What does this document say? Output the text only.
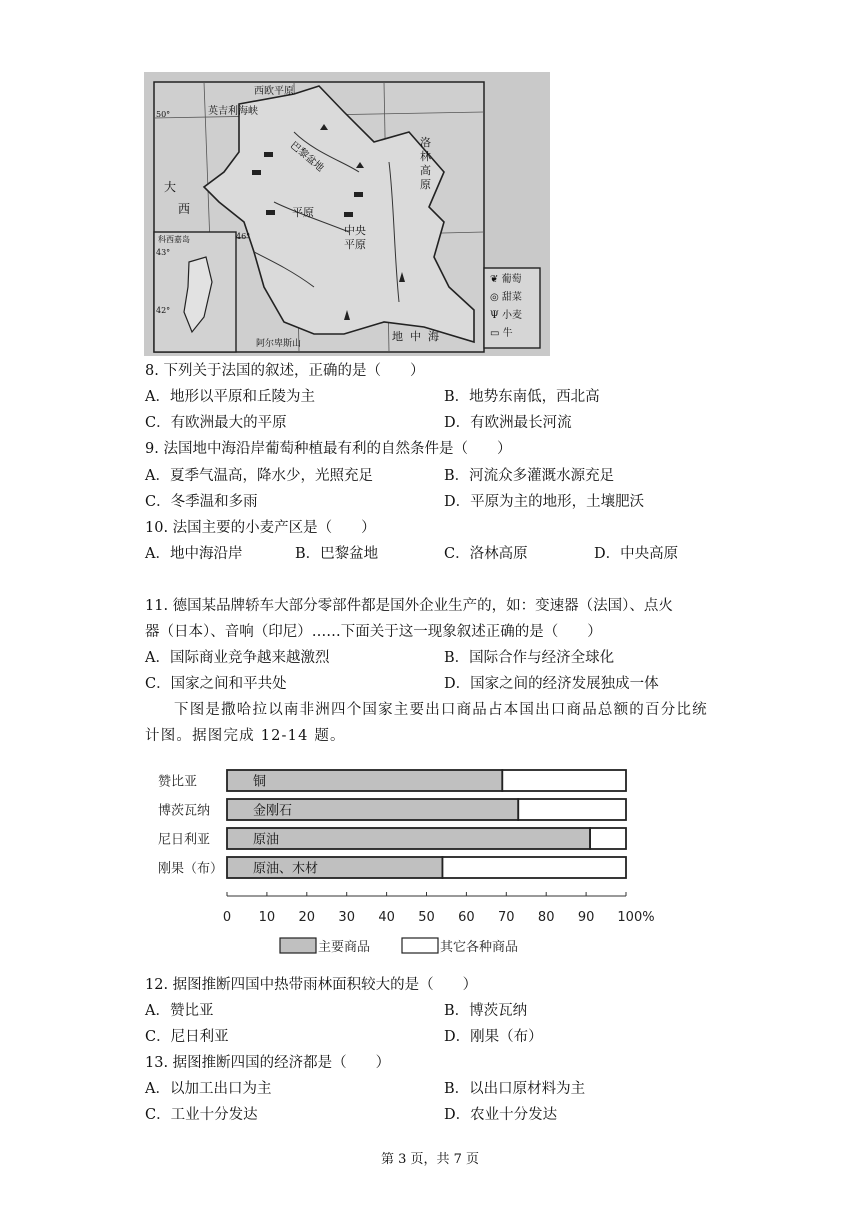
西欧平原
英吉利海峡
巴黎盆地	洛林高原
大
西	平原
中央
平原
科西嘉岛
地 中 海
阿尔卑斯山
50°
46°
43°
42°
❦ 葡萄
◎ 甜菜
Ψ 小麦
▭ 牛
8. 下列关于法国的叙述，正确的是（　　）
A．地形以平原和丘陵为主	B．地势东南低，西北高
C．有欧洲最大的平原	D．有欧洲最长河流
9. 法国地中海沿岸葡萄种植最有利的自然条件是（　　）
A．夏季气温高，降水少，光照充足	B．河流众多灌溉水源充足
C．冬季温和多雨	D．平原为主的地形，土壤肥沃
10. 法国主要的小麦产区是（　　）
A．地中海沿岸	B．巴黎盆地	C．洛林高原	D．中央高原
11. 德国某品牌轿车大部分零部件都是国外企业生产的，如：变速器（法国）、点火
器（日本）、音响（印尼）……下面关于这一现象叙述正确的是（　　）
A．国际商业竞争越来越激烈	B．国际合作与经济全球化
C．国家之间和平共处	D．国家之间的经济发展独成一体
下图是撒哈拉以南非洲四个国家主要出口商品占本国出口商品总额的百分比统
计图。据图完成 12-14 题。
赞比亚	铜
博茨瓦纳	金刚石
尼日利亚	原油
刚果（布） 原油、木材
0 10 20 30 40 50 60 70 80 90 100%
主要商品	其它各种商品
12. 据图推断四国中热带雨林面积较大的是（　　）
A．赞比亚	B．博茨瓦纳
C．尼日利亚	D．刚果（布）
13. 据图推断四国的经济都是（　　）
A．以加工出口为主	B．以出口原材料为主
C．工业十分发达	D．农业十分发达
第 3 页，共 7 页
